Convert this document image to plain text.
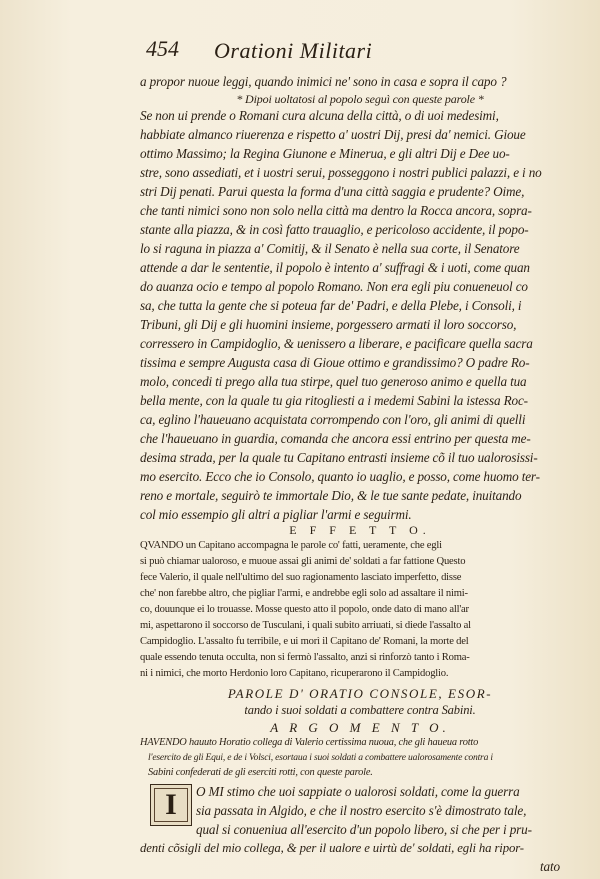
454 Orationi Militari
a propor nuoue leggi, quando inimici ne' sono in casa e sopra il capo ?
* Dipoi uoltatosi al popolo seguì con queste parole *
Se non ui prende o Romani cura alcuna della città, o di uoi medesimi,
habbiate almanco riuerenza e rispetto a' uostri Dij, presi da' nemici. Gioue
ottimo Massimo; la Regina Giunone e Minerua, e gli altri Dij e Dee uo-
stre, sono assediati, et i uostri serui, posseggono i nostri publici palazzi, e i no
stri Dij penati. Parui questa la forma d'una città saggia e prudente? Oime,
che tanti nimici sono non solo nella città ma dentro la Rocca ancora, sopra-
stante alla piazza, & in così fatto trauaglio, e pericoloso accidente, il popo-
lo si raguna in piazza a' Comitij, & il Senato è nella sua corte, il Senatore
attende a dar le sententie, il popolo è intento a' suffragi & i uoti, come quan
do auanza ocio e tempo al popolo Romano. Non era egli piu conueneuol co
sa, che tutta la gente che si poteua far de' Padri, e della Plebe, i Consoli, i
Tribuni, gli Dij e gli huomini insieme, porgessero armati il loro soccorso,
corressero in Campidoglio, & uenissero a liberare, e pacificare quella sacra
tissima e sempre Augusta casa di Gioue ottimo e grandissimo? O padre Ro-
molo, concedi ti prego alla tua stirpe, quel tuo generoso animo e quella tua
bella mente, con la quale tu gia ritogliesti a i medemi Sabini la istessa Roc-
ca, eglino l'haueuano acquistata corrompendo con l'oro, gli animi di quelli
che l'haueuano in guardia, comanda che ancora essi entrino per questa me-
desima strada, per la quale tu Capitano entrasti insieme cõ il tuo ualorosissi-
mo esercito. Ecco che io Consolo, quanto io uaglio, e posso, come huomo ter-
reno e mortale, seguirò te immortale Dio, & le tue sante pedate, inuitando
col mio essempio gli altri a pigliar l'armi e seguirmi.
E F F E T T O.
QVANDO un Capitano accompagna le parole co' fatti, ueramente, che egli
si può chiamar ualoroso, e muoue assai gli animi de' soldati a far fattione Questo
fece Valerio, il quale nell'ultimo del suo ragionamento lasciato imperfetto, disse
che' non farebbe altro, che pigliar l'armi, e andrebbe egli solo ad assaltare il nimi-
co, douunque ei lo trouasse. Mosse questo atto il popolo, onde dato di mano all'ar
mi, aspettarono il soccorso de Tusculani, i quali subito arriuati, si diede l'assalto al
Campidoglio. L'assalto fu terribile, e ui morì il Capitano de' Romani, la morte del
quale essendo tenuta occulta, non si fermò l'assalto, anzi si rinforzò tanto i Roma-
ni i nimici, che morto Herdonio loro Capitano, ricuperarono il Campidoglio.
PAROLE D' ORATIO CONSOLE, ESOR-
tando i suoi soldati a combattere contra Sabini.
A R G O M E N T O.
HAVENDO hauuto Horatio collega di Valerio certissima nuoua, che gli haueua rotto
l'esercito de gli Equi, e de i Volsci, esortaua i suoi soldati a combattere ualorosamente contra i
Sabini confederati de gli eserciti rotti, con queste parole.
I	O MI stimo che uoi sappiate o ualorosi soldati, come la guerra
sia passata in Algido, e che il nostro esercito s'è dimostrato tale,
qual si conueniua all'esercito d'un popolo libero, si che per i pru-
denti cõsigli del mio collega, & per il ualore e uirtù de' soldati, egli ha ripor-
tato
